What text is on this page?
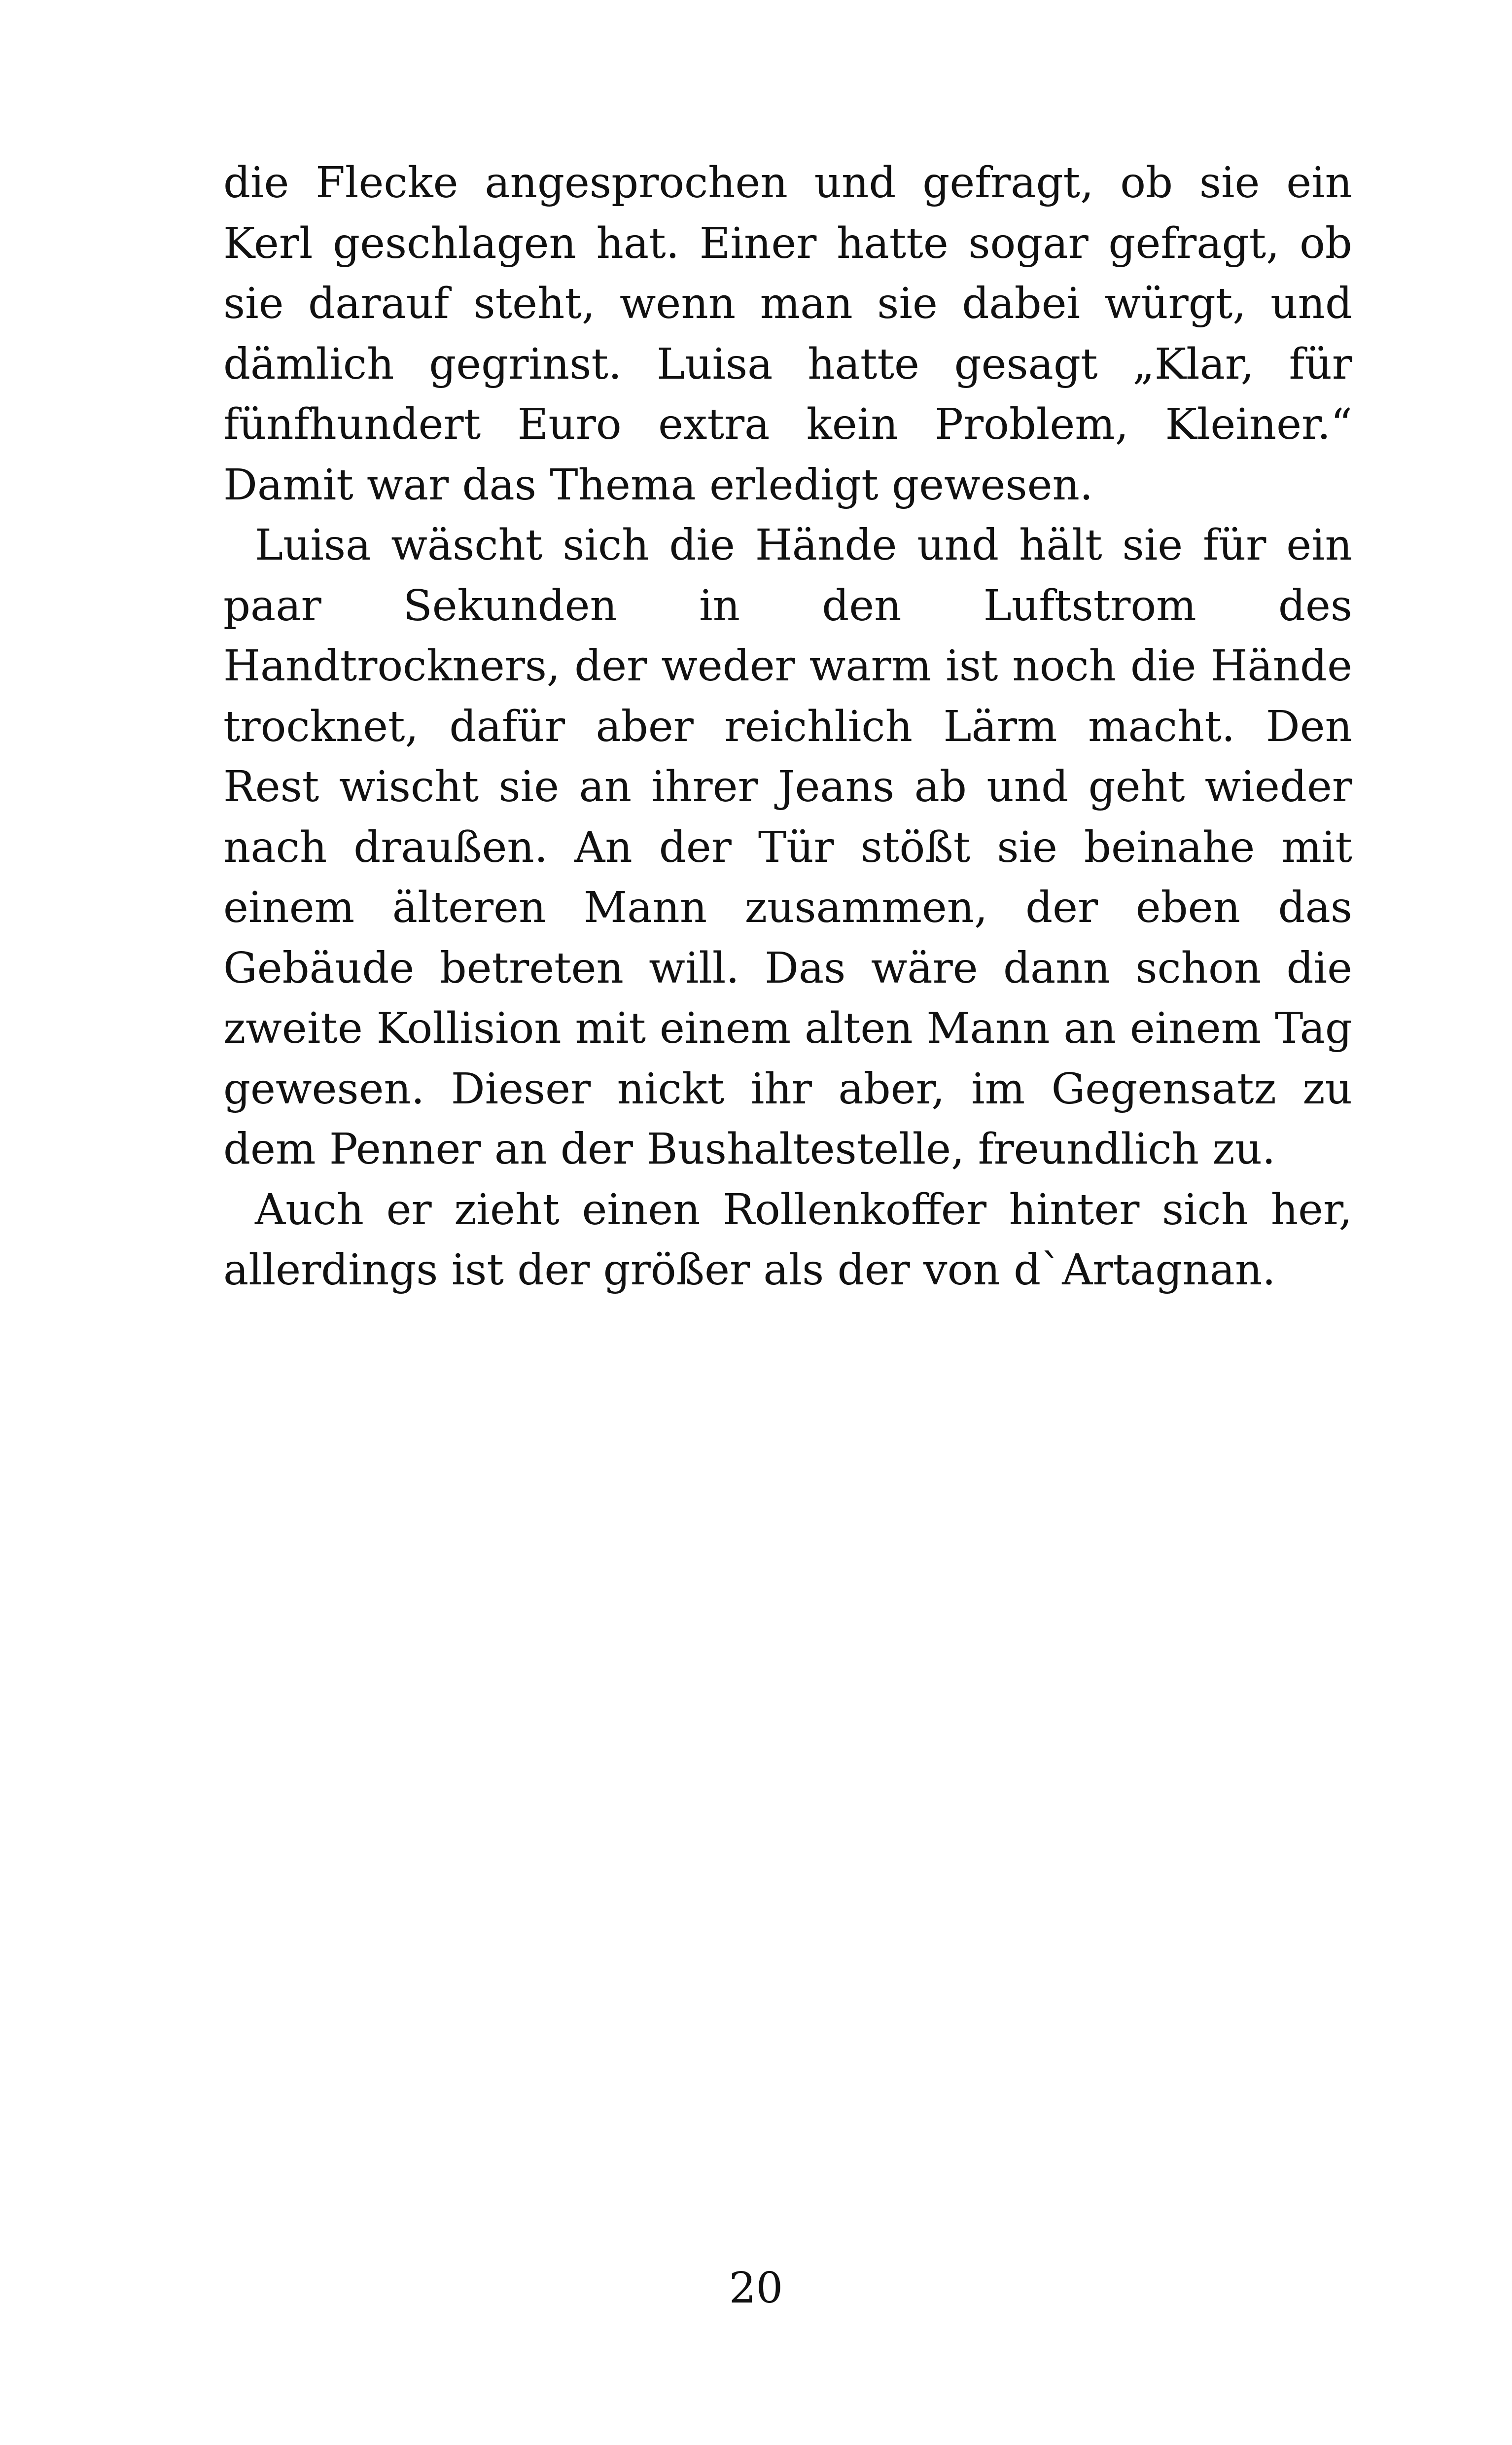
die Flecke angesprochen und gefragt, ob sie ein Kerl geschlagen hat. Einer hatte sogar gefragt, ob sie darauf steht, wenn man sie dabei würgt, und dämlich gegrinst. Luisa hatte gesagt „Klar, für fünfhundert Euro extra kein Problem, Kleiner.“ Damit war das Thema erledigt gewesen.

Luisa wäscht sich die Hände und hält sie für ein paar Sekunden in den Luftstrom des Handtrockners, der weder warm ist noch die Hände trocknet, dafür aber reichlich Lärm macht. Den Rest wischt sie an ihrer Jeans ab und geht wieder nach draußen. An der Tür stößt sie beinahe mit einem älteren Mann zusammen, der eben das Gebäude betreten will. Das wäre dann schon die zweite Kollision mit einem alten Mann an einem Tag gewesen. Dieser nickt ihr aber, im Gegensatz zu dem Penner an der Bushaltestelle, freundlich zu.

Auch er zieht einen Rollenkoffer hinter sich her, allerdings ist der größer als der von d`Artagnan.

20
